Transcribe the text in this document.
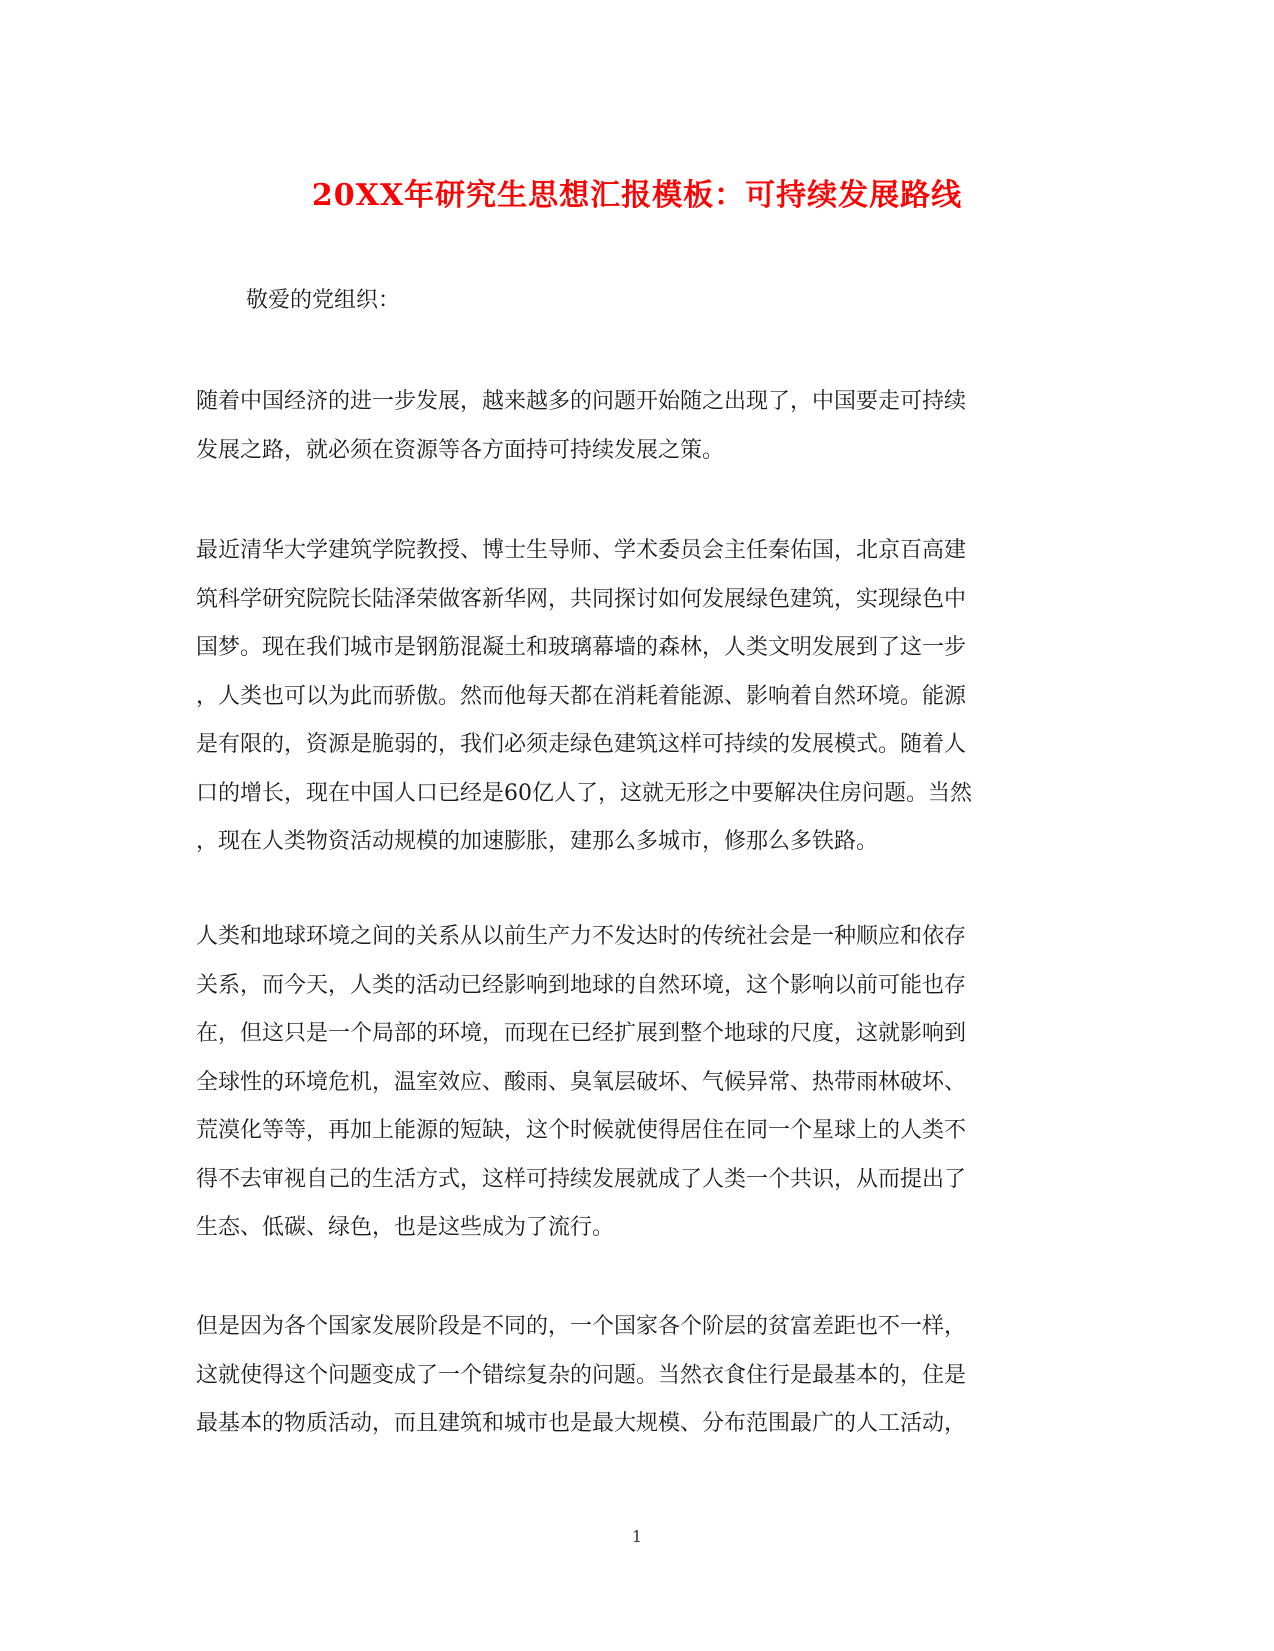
20XX年研究生思想汇报模板：可持续发展路线
敬爱的党组织：
随着中国经济的进一步发展，越来越多的问题开始随之出现了，中国要走可持续
发展之路，就必须在资源等各方面持可持续发展之策。
最近清华大学建筑学院教授、博士生导师、学术委员会主任秦佑国，北京百高建
筑科学研究院院长陆泽荣做客新华网，共同探讨如何发展绿色建筑，实现绿色中
国梦。现在我们城市是钢筋混凝土和玻璃幕墙的森林，人类文明发展到了这一步
，人类也可以为此而骄傲。然而他每天都在消耗着能源、影响着自然环境。能源
是有限的，资源是脆弱的，我们必须走绿色建筑这样可持续的发展模式。随着人
口的增长，现在中国人口已经是60亿人了，这就无形之中要解决住房问题。当然
，现在人类物资活动规模的加速膨胀，建那么多城市，修那么多铁路。
人类和地球环境之间的关系从以前生产力不发达时的传统社会是一种顺应和依存
关系，而今天，人类的活动已经影响到地球的自然环境，这个影响以前可能也存
在，但这只是一个局部的环境，而现在已经扩展到整个地球的尺度，这就影响到
全球性的环境危机，温室效应、酸雨、臭氧层破坏、气候异常、热带雨林破坏、
荒漠化等等，再加上能源的短缺，这个时候就使得居住在同一个星球上的人类不
得不去审视自己的生活方式，这样可持续发展就成了人类一个共识，从而提出了
生态、低碳、绿色，也是这些成为了流行。
但是因为各个国家发展阶段是不同的，一个国家各个阶层的贫富差距也不一样，
这就使得这个问题变成了一个错综复杂的问题。当然衣食住行是最基本的，住是
最基本的物质活动，而且建筑和城市也是最大规模、分布范围最广的人工活动，
1
